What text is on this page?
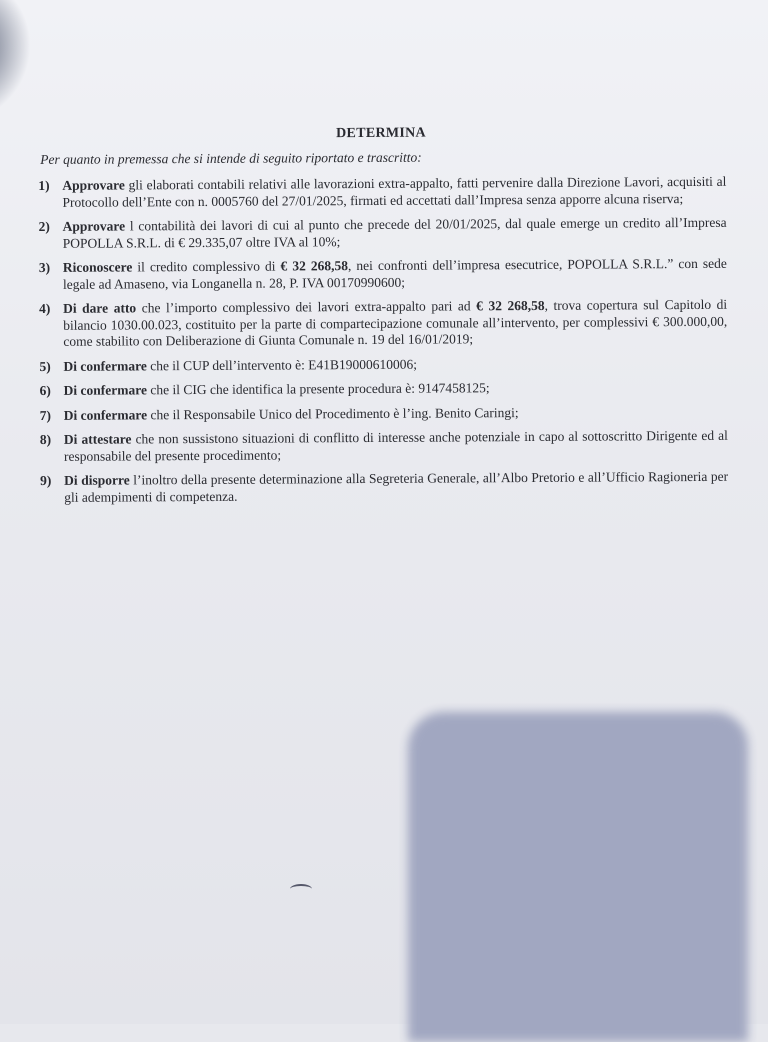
DETERMINA
Per quanto in premessa che si intende di seguito riportato e trascritto:
1) Approvare gli elaborati contabili relativi alle lavorazioni extra-appalto, fatti pervenire dalla Direzione Lavori, acquisiti al Protocollo dell’Ente con n. 0005760 del 27/01/2025, firmati ed accettati dall’Impresa senza apporre alcuna riserva;
2) Approvare l contabilità dei lavori di cui al punto che precede del 20/01/2025, dal quale emerge un credito all’Impresa POPOLLA S.R.L. di € 29.335,07 oltre IVA al 10%;
3) Riconoscere il credito complessivo di € 32 268,58, nei confronti dell’impresa esecutrice, POPOLLA S.R.L.” con sede legale ad Amaseno, via Longanella n. 28, P. IVA 00170990600;
4) Di dare atto che l’importo complessivo dei lavori extra-appalto pari ad € 32 268,58, trova copertura sul Capitolo di bilancio 1030.00.023, costituito per la parte di compartecipazione comunale all’intervento, per complessivi € 300.000,00, come stabilito con Deliberazione di Giunta Comunale n. 19 del 16/01/2019;
5) Di confermare che il CUP dell’intervento è: E41B19000610006;
6) Di confermare che il CIG che identifica la presente procedura è: 9147458125;
7) Di confermare che il Responsabile Unico del Procedimento è l’ing. Benito Caringi;
8) Di attestare che non sussistono situazioni di conflitto di interesse anche potenziale in capo al sottoscritto Dirigente ed al responsabile del presente procedimento;
9) Di disporre l’inoltro della presente determinazione alla Segreteria Generale, all’Albo Pretorio e all’Ufficio Ragioneria per gli adempimenti di competenza.
